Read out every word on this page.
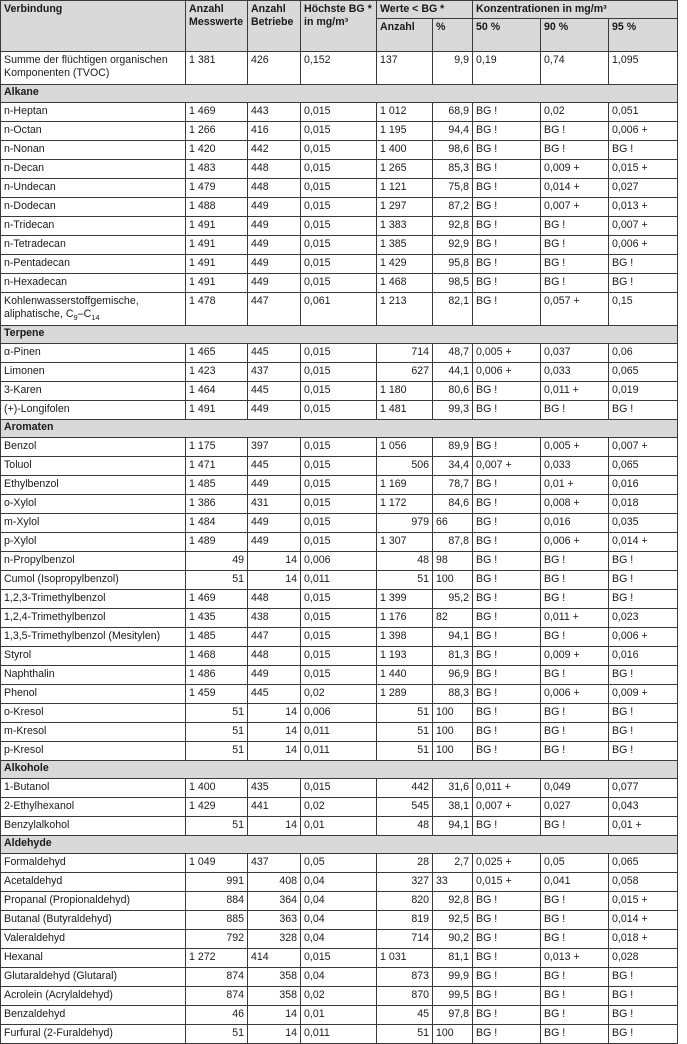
Verbindung	Anzahl Messwerte	Anzahl Betriebe	Höchste BG * in mg/m³	Werte < BG *		Konzentrationen in mg/m³		
				Anzahl	%	50 %	90 %	95 %
Summe der flüchtigen organischen Komponenten (TVOC)	1 381	426	0,152	137	9,9	0,19	0,74	1,095
Alkane								
n-Heptan	1 469	443	0,015	1 012	68,9	BG !	0,02	0,051
n-Octan	1 266	416	0,015	1 195	94,4	BG !	BG !	0,006 +
n-Nonan	1 420	442	0,015	1 400	98,6	BG !	BG !	BG !
n-Decan	1 483	448	0,015	1 265	85,3	BG !	0,009 +	0,015 +
n-Undecan	1 479	448	0,015	1 121	75,8	BG !	0,014 +	0,027
n-Dodecan	1 488	449	0,015	1 297	87,2	BG !	0,007 +	0,013 +
n-Tridecan	1 491	449	0,015	1 383	92,8	BG !	BG !	0,007 +
n-Tetradecan	1 491	449	0,015	1 385	92,9	BG !	BG !	0,006 +
n-Pentadecan	1 491	449	0,015	1 429	95,8	BG !	BG !	BG !
n-Hexadecan	1 491	449	0,015	1 468	98,5	BG !	BG !	BG !
Kohlenwasserstoffgemische,
aliphatische, $C_9-C_{14}$	1 478	447	0,061	1 213	82,1	BG !	0,057 +	0,15
Terpene								
α-Pinen	1 465	445	0,015	714	48,7	0,005 +	0,037	0,06
Limonen	1 423	437	0,015	627	44,1	0,006 +	0,033	0,065
3-Karen	1 464	445	0,015	1 180	80,6	BG !	0,011 +	0,019
(+)-Longifolen	1 491	449	0,015	1 481	99,3	BG !	BG !	BG !
Aromaten								
Benzol	1 175	397	0,015	1 056	89,9	BG !	0,005 +	0,007 +
Toluol	1 471	445	0,015	506	34,4	0,007 +	0,033	0,065
Ethylbenzol	1 485	449	0,015	1 169	78,7	BG !	0,01 +	0,016
o-Xylol	1 386	431	0,015	1 172	84,6	BG !	0,008 +	0,018
m-Xylol	1 484	449	0,015	979	66	BG !	0,016	0,035
p-Xylol	1 489	449	0,015	1 307	87,8	BG !	0,006 +	0,014 +
n-Propylbenzol	49	14	0,006	48	98	BG !	BG !	BG !
Cumol (Isopropylbenzol)	51	14	0,011	51	100	BG !	BG !	BG !
1,2,3-Trimethylbenzol	1 469	448	0,015	1 399	95,2	BG !	BG !	BG !
1,2,4-Trimethylbenzol	1 435	438	0,015	1 176	82	BG !	0,011 +	0,023
1,3,5-Trimethylbenzol (Mesitylen)	1 485	447	0,015	1 398	94,1	BG !	BG !	0,006 +
Styrol	1 468	448	0,015	1 193	81,3	BG !	0,009 +	0,016
Naphthalin	1 486	449	0,015	1 440	96,9	BG !	BG !	BG !
Phenol	1 459	445	0,02	1 289	88,3	BG !	0,006 +	0,009 +
o-Kresol	51	14	0,006	51	100	BG !	BG !	BG !
m-Kresol	51	14	0,011	51	100	BG !	BG !	BG !
p-Kresol	51	14	0,011	51	100	BG !	BG !	BG !
Alkohole								
1-Butanol	1 400	435	0,015	442	31,6	0,011 +	0,049	0,077
2-Ethylhexanol	1 429	441	0,02	545	38,1	0,007 +	0,027	0,043
Benzylalkohol	51	14	0,01	48	94,1	BG !	BG !	0,01 +
Aldehyde								
Formaldehyd	1 049	437	0,05	28	2,7	0,025 +	0,05	0,065
Acetaldehyd	991	408	0,04	327	33	0,015 +	0,041	0,058
Propanal (Propionaldehyd)	884	364	0,04	820	92,8	BG !	BG !	0,015 +
Butanal (Butyraldehyd)	885	363	0,04	819	92,5	BG !	BG !	0,014 +
Valeraldehyd	792	328	0,04	714	90,2	BG !	BG !	0,018 +
Hexanal	1 272	414	0,015	1 031	81,1	BG !	0,013 +	0,028
Glutaraldehyd (Glutaral)	874	358	0,04	873	99,9	BG !	BG !	BG !
Acrolein (Acrylaldehyd)	874	358	0,02	870	99,5	BG !	BG !	BG !
Benzaldehyd	46	14	0,01	45	97,8	BG !	BG !	BG !
Furfural (2-Furaldehyd)	51	14	0,011	51	100	BG !	BG !	BG !
